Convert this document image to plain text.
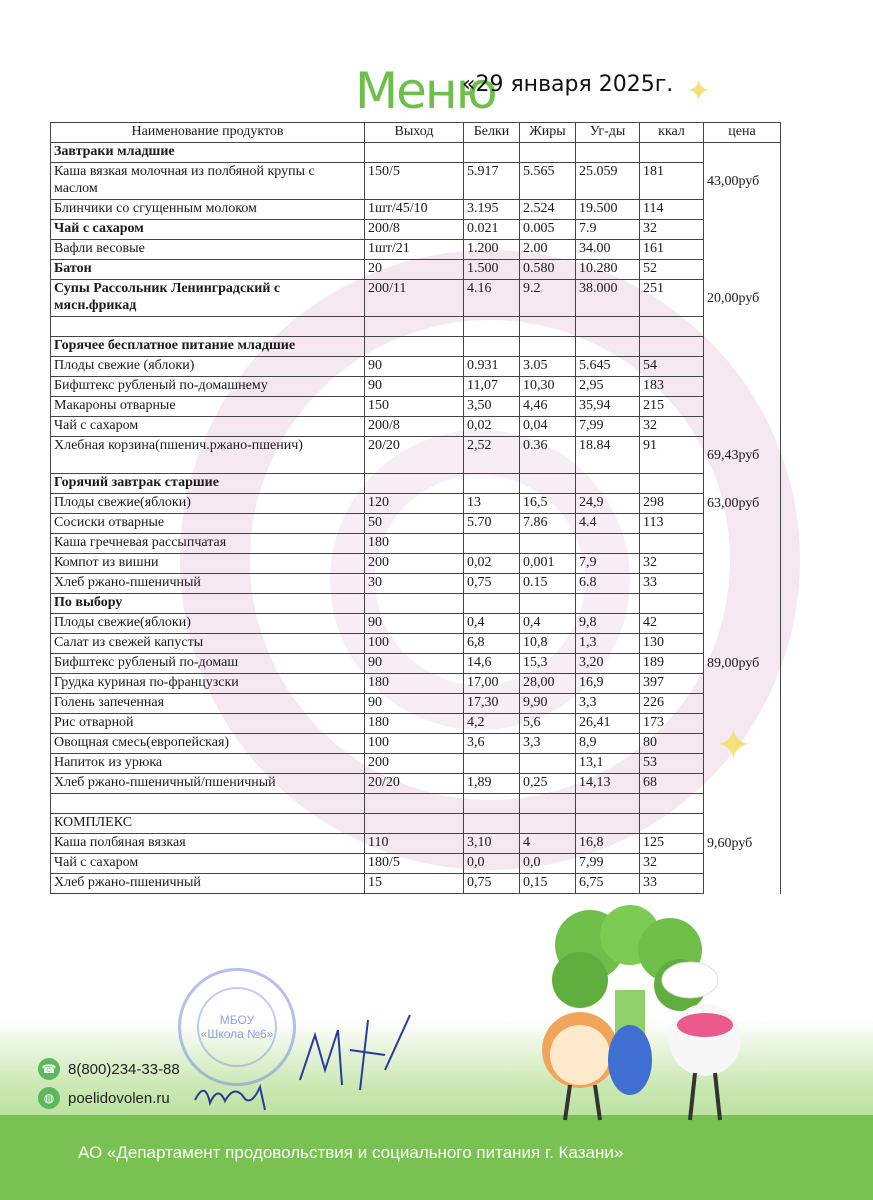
✦
✦
Меню
«29 января 2025г.
Наименование продуктов	Выход	Белки	Жиры	Уг-ды	ккал	цена
Завтраки младшие						
Каша вязкая молочная из полбяной крупы с маслом	150/5	5.917	5.565	25.059	181	43,00руб
Блинчики со сгущенным молоком	1шт/45/10	3.195	2.524	19.500	114	
Чай с сахаром	200/8	0.021	0.005	7.9	32	
Вафли весовые	1шт/21	1.200	2.00	34.00	161	
Батон	20	1.500	0.580	10.280	52	
Супы Рассольник Ленинградский с мясн.фрикад	200/11	4.16	9.2	38.000	251	20,00руб

Горячее бесплатное питание младшие						
Плоды свежие (яблоки)	90	0.931	3.05	5.645	54	
Бифштекс рубленый по-домашнему	90	11,07	10,30	2,95	183	
Макароны отварные	150	3,50	4,46	35,94	215	
Чай с сахаром	200/8	0,02	0,04	7,99	32	
Хлебная корзина(пшенич.ржано-пшенич)	20/20	2,52	0.36	18.84	91	69,43руб
Горячий завтрак старшие						
Плоды свежие(яблоки)	120	13	16,5	24,9	298	63,00руб
Сосиски отварные	50	5.70	7.86	4.4	113	
Каша гречневая рассыпчатая	180					
Компот из вишни	200	0,02	0,001	7,9	32	
Хлеб ржано-пшеничный	30	0,75	0.15	6.8	33	
По выбору						
Плоды свежие(яблоки)	90	0,4	0,4	9,8	42	
Салат из свежей капусты	100	6,8	10,8	1,3	130	
Бифштекс рубленый по-домаш	90	14,6	15,3	3,20	189	89,00руб
Грудка куриная по-французски	180	17,00	28,00	16,9	397	
Голень запеченная	90	17,30	9,90	3,3	226	
Рис отварной	180	4,2	5,6	26,41	173	
Овощная смесь(европейская)	100	3,6	3,3	8,9	80	
Напиток из урюка	200			13,1	53	
Хлеб ржано-пшеничный/пшеничный	20/20	1,89	0,25	14,13	68	

КОМПЛЕКС						
Каша полбяная вязкая	110	3,10	4	16,8	125	9,60руб
Чай с сахаром	180/5	0,0	0,0	7,99	32	
Хлеб ржано-пшеничный	15	0,75	0,15	6,75	33	
МБОУ
«Школа №6»
☎ 8(800)234-33-88
◍ poelidovolen.ru
АО «Департамент продовольствия и социального питания г. Казани»
